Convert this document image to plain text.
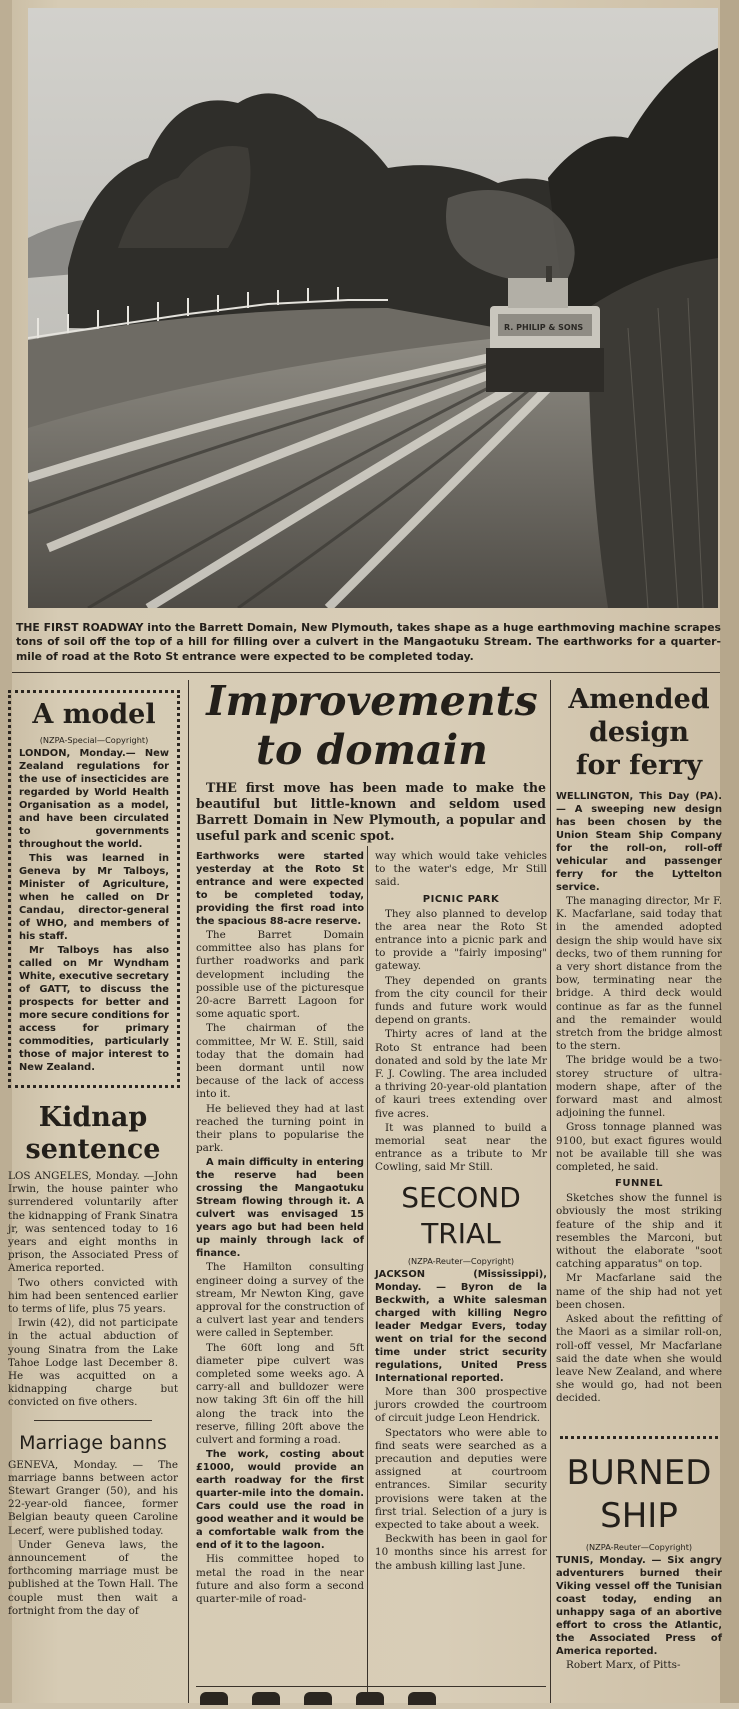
R. PHILIP & SONS
THE FIRST ROADWAY into the Barrett Domain, New Plymouth, takes shape as a huge earthmoving machine scrapes tons of soil off the top of a hill for filling over a culvert in the Mangaotuku Stream. The earthworks for a quarter-mile of road at the Roto St entrance were expected to be completed today.

A model

(NZPA-Special—Copyright)

LONDON, Monday.— New Zealand regulations for the use of insecticides are regarded by World Health Organisation as a model, and have been circulated to governments throughout the world.

This was learned in Geneva by Mr Talboys, Minister of Agriculture, when he called on Dr Candau, director-general of WHO, and members of his staff.

Mr Talboys has also called on Mr Wyndham White, executive secretary of GATT, to discuss the prospects for better and more secure conditions for access for primary commodities, particularly those of major interest to New Zealand.

Kidnap sentence

LOS ANGELES, Monday. —John Irwin, the house painter who surrendered voluntarily after the kidnapping of Frank Sinatra jr, was sentenced today to 16 years and eight months in prison, the Associated Press of America reported.

Two others convicted with him had been sentenced earlier to terms of life, plus 75 years.

Irwin (42), did not participate in the actual abduction of young Sinatra from the Lake Tahoe Lodge last December 8. He was acquitted on a kidnapping charge but convicted on five others.

Marriage banns

GENEVA, Monday. — The marriage banns between actor Stewart Granger (50), and his 22-year-old fiancee, former Belgian beauty queen Caroline Lecerf, were published today.

Under Geneva laws, the announcement of the forthcoming marriage must be published at the Town Hall. The couple must then wait a fortnight from the day of

Improvements
to domain
THE first move has been made to make the beautiful but little-known and seldom used Barrett Domain in New Plymouth, a popular and useful park and scenic spot.

Earthworks were started yesterday at the Roto St entrance and were expected to be completed today, providing the first road into the spacious 88-acre reserve.

The Barret Domain committee also has plans for further roadworks and park development including the possible use of the picturesque 20-acre Barrett Lagoon for some aquatic sport.

The chairman of the committee, Mr W. E. Still, said today that the domain had been dormant until now because of the lack of access into it.

He believed they had at last reached the turning point in their plans to popularise the park.

A main difficulty in entering the reserve had been crossing the Mangaotuku Stream flowing through it. A culvert was envisaged 15 years ago but had been held up mainly through lack of finance.

The Hamilton consulting engineer doing a survey of the stream, Mr Newton King, gave approval for the construction of a culvert last year and tenders were called in September.

The 60ft long and 5ft diameter pipe culvert was completed some weeks ago. A carry-all and bulldozer were now taking 3ft 6in off the hill along the track into the reserve, filling 20ft above the culvert and forming a road.

The work, costing about £1000, would provide an earth roadway for the first quarter-mile into the domain. Cars could use the road in good weather and it would be a comfortable walk from the end of it to the lagoon.

His committee hoped to metal the road in the near future and also form a second quarter-mile of road-

way which would take vehicles to the water's edge, Mr Still said.

PICNIC PARK

They also planned to develop the area near the Roto St entrance into a picnic park and to provide a "fairly imposing" gateway.

They depended on grants from the city council for their funds and future work would depend on grants.

Thirty acres of land at the Roto St entrance had been donated and sold by the late Mr F. J. Cowling. The area included a thriving 20-year-old plantation of kauri trees extending over five acres.

It was planned to build a memorial seat near the entrance as a tribute to Mr Cowling, said Mr Still.

SECOND
TRIAL

(NZPA-Reuter—Copyright)

JACKSON (Mississippi), Monday. — Byron de la Beckwith, a White salesman charged with killing Negro leader Medgar Evers, today went on trial for the second time under strict security regulations, United Press International reported.

More than 300 prospective jurors crowded the courtroom of circuit judge Leon Hendrick.

Spectators who were able to find seats were searched as a precaution and deputies were assigned at courtroom entrances. Similar security provisions were taken at the first trial. Selection of a jury is expected to take about a week.

Beckwith has been in gaol for 10 months since his arrest for the ambush killing last June.

Amended
design
for ferry

WELLINGTON, This Day (PA). — A sweeping new design has been chosen by the Union Steam Ship Company for the roll-on, roll-off vehicular and passenger ferry for the Lyttelton service.

The managing director, Mr F. K. Macfarlane, said today that in the amended adopted design the ship would have six decks, two of them running for a very short distance from the bow, terminating near the bridge. A third deck would continue as far as the funnel and the remainder would stretch from the bridge almost to the stern.

The bridge would be a two-storey structure of ultra-modern shape, after of the forward mast and almost adjoining the funnel.

Gross tonnage planned was 9100, but exact figures would not be available till she was completed, he said.

FUNNEL

Sketches show the funnel is obviously the most striking feature of the ship and it resembles the Marconi, but without the elaborate "soot catching apparatus" on top.

Mr Macfarlane said the name of the ship had not yet been chosen.

Asked about the refitting of the Maori as a similar roll-on, roll-off vessel, Mr Macfarlane said the date when she would leave New Zealand, and where she would go, had not been decided.

BURNED
SHIP

(NZPA-Reuter—Copyright)

TUNIS, Monday. — Six angry adventurers burned their Viking vessel off the Tunisian coast today, ending an unhappy saga of an abortive effort to cross the Atlantic, the Associated Press of America reported.

Robert Marx, of Pitts-
